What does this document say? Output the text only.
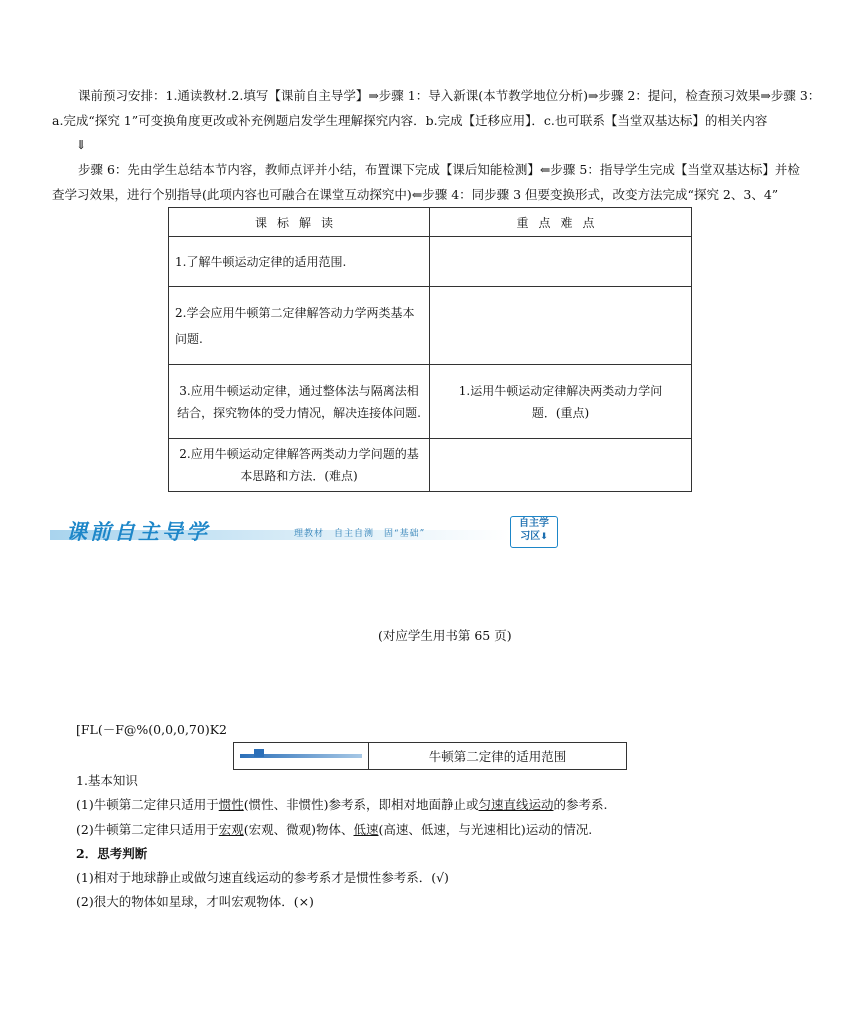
课前预习安排：1.通读教材.2.填写【课前自主导学】⇒步骤 1：导入新课(本节教学地位分析)⇒步骤 2：提问，检查预习效果⇒步骤 3：
a.完成“探究 1”可变换角度更改或补充例题启发学生理解探究内容．b.完成【迁移应用】．c.也可联系【当堂双基达标】的相关内容
⇓
步骤 6：先由学生总结本节内容，教师点评并小结，布置课下完成【课后知能检测】⇐步骤 5：指导学生完成【当堂双基达标】并检
查学习效果，进行个别指导(此项内容也可融合在课堂互动探究中)⇐步骤 4：同步骤 3 但要变换形式，改变方法完成“探究 2、3、4”
课标解读	重点难点
1.了解牛顿运动定律的适用范围.	
2.学会应用牛顿第二定律解答动力学两类基本问题.	
3.应用牛顿运动定律，通过整体法与隔离法相结合，探究物体的受力情况，解决连接体问题.	1.运用牛顿运动定律解决两类动力学问题．(重点)
2.应用牛顿运动定律解答两类动力学问题的基本思路和方法．(难点)	
课前自主导学	理教材　自主自测　固“基础”
自主学
习区⬇
(对应学生用书第 65 页)
[FL(－F@%(0,0,0,70)K2
牛顿第二定律的适用范围
1.基本知识
(1)牛顿第二定律只适用于惯性(惯性、非惯性)参考系，即相对地面静止或匀速直线运动的参考系.
(2)牛顿第二定律只适用于宏观(宏观、微观)物体、低速(高速、低速，与光速相比)运动的情况.
2．思考判断
(1)相对于地球静止或做匀速直线运动的参考系才是惯性参考系．(√)
(2)很大的物体如星球，才叫宏观物体．(×)
